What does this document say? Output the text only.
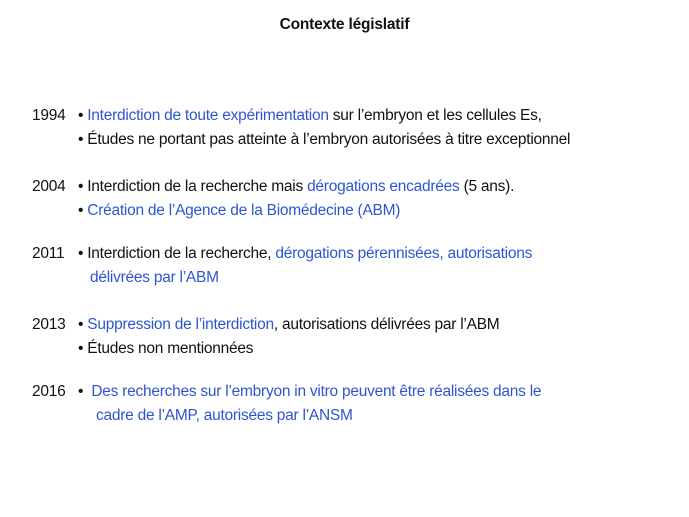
Contexte législatif
1994 • Interdiction de toute expérimentation sur l’embryon et les cellules Es,
• Études ne portant pas atteinte à l’embryon autorisées à titre exceptionnel
2004 • Interdiction de la recherche mais dérogations encadrées (5 ans).
• Création de l’Agence de la Biomédecine (ABM)
2011 • Interdiction de la recherche, dérogations pérennisées, autorisations
délivrées par l’ABM
2013 • Suppression de l’interdiction, autorisations délivrées par l’ABM
• Études non mentionnées
2016 • Des recherches sur l’embryon in vitro peuvent être réalisées dans le
cadre de l’AMP, autorisées par l’ANSM
